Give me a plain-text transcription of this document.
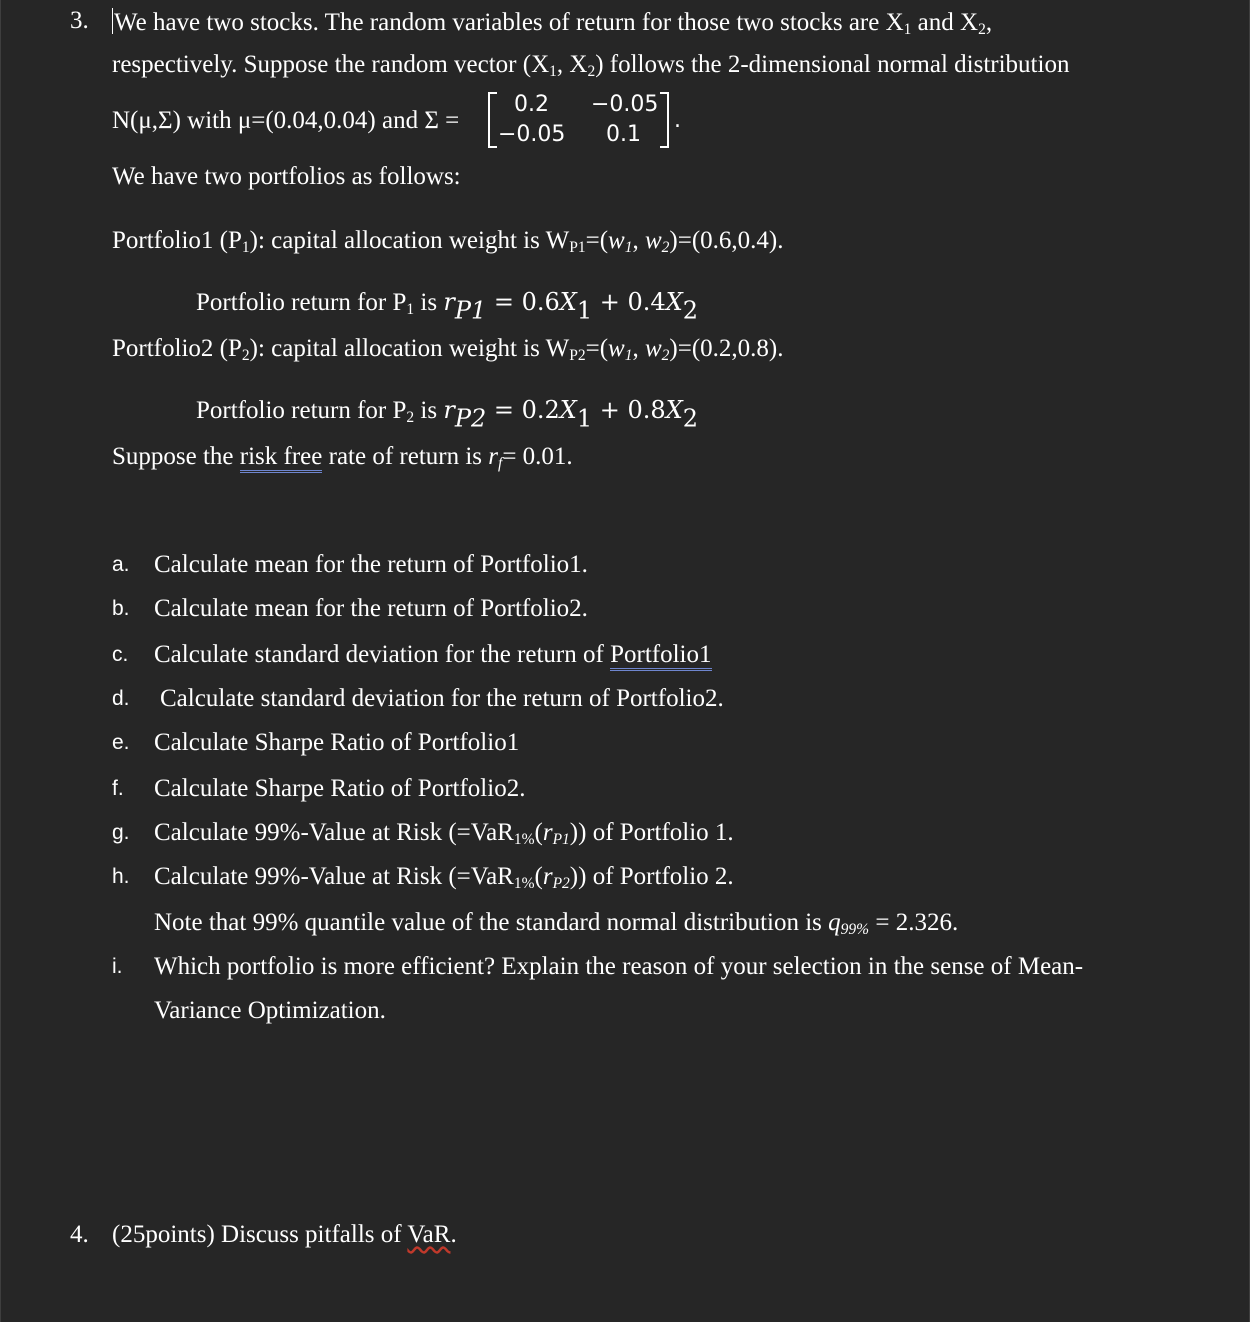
3. We have two stocks. The random variables of return for those two stocks are $X_1$ and $X_2$,
respectively. Suppose the random vector ($X_1$, $X_2$) follows the 2-dimensional normal distribution
N(μ,Σ) with μ=(0.04,0.04) and Σ =
0.2 −0.05
−0.05 0.1
.
We have two portfolios as follows:
Portfolio1 $(P_1)$: capital allocation weight is $W_{P1}=(w_1$, $w_2)=(0.6,0.4)$.
Portfolio return for $P_1$ is rP1 = 0.6X1 + 0.4X2
Portfolio2 $(P_2)$: capital allocation weight is $W_{P2}=(w_1$, $w_2)=(0.2,0.8)$.
Portfolio return for $P_2$ is rP2 = 0.2X1 + 0.8X2
Suppose the risk free rate of return is $r_f= 0.01$.
a. Calculate mean for the return of Portfolio1.
b. Calculate mean for the return of Portfolio2.
c. Calculate standard deviation for the return of Portfolio1
d. Calculate standard deviation for the return of Portfolio2.
e. Calculate Sharpe Ratio of Portfolio1
f. Calculate Sharpe Ratio of Portfolio2.
g. Calculate 99%-Value at Risk $(=VaR_{1\%}(r_{P1}))$ of Portfolio 1.
h. Calculate 99%-Value at Risk $(=VaR_{1\%}(r_{P2}))$ of Portfolio 2.
Note that 99% quantile value of the standard normal distribution is $q_{99\%} = 2.326$.
i. Which portfolio is more efficient? Explain the reason of your selection in the sense of Mean-
Variance Optimization.
4. (25points) Discuss pitfalls of VaR.
